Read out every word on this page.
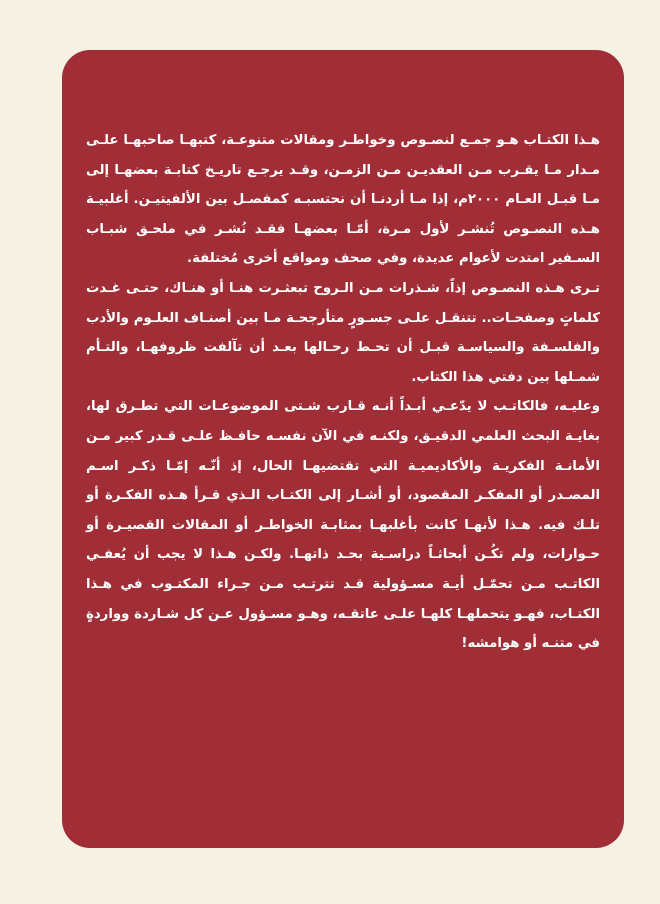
هـذا الكتـاب هـو جمـع لنصـوص وخواطـر ومقالات متنوعـة، كتبهـا صاحبهـا علـى مـدار مـا يقـرب مـن العقديـن مـن الزمـن، وقـد يرجـع تاريـخ كتابـة بعضهـا إلى مـا قبـل العـام ٢٠٠٠م، إذا مـا أردنـا أن نحتسبـه كمفصـل بين الألفيتيـن. أغلبيـة هـذه النصـوص تُنشـر لأول مـرة، أمّـا بعضهـا فقـد نُشـر في ملحـق شبـاب السـفير امتدت لأعوام عديدة، وفي صحف ومواقع أخرى مُختلفة.

تـرى هـذه النصـوص إذاً، شـذرات مـن الـروح تبعثـرت هنـا أو هنـاك، حتـى غـدت كلماتٍ وصفحـات.. تتنقـل علـى جسـورٍ متأرجحـة مـا بين أصنـاف العلـوم والأدب والفلسـفة والسياسـة قبـل أن تحـط رحـالها بعـد أن تآلفت ظروفهـا، والتـأم شمـلها بين دفتي هذا الكتاب.

وعليـه، فالكاتـب لا يدّعـي أبـداً أنـه قـارب شـتى الموضوعـات التي تطـرق لها، بغايـة البحث العلمي الدقيـق، ولكنـه في الآن نفسـه حافـظ علـى قـدر كبير مـن الأمانـة الفكريـة والأكاديميـة التي تقتضيهـا الحال، إذ أنّـه إمّـا ذكـر اسـم المصـدر أو المفكـر المقصود، أو أشـار إلى الكتـاب الـذي قـرأ هـذه الفكـرة أو تلـك فيه. هـذا لأنهـا كانت بأغلبهـا بمثابـة الخواطـر أو المقالات القصيـرة أو حـوارات، ولم تكُـن أبحاثـاً دراسـية بحـد ذاتهـا. ولكـن هـذا لا يجب أن يُعفـي الكاتـب مـن تحمّـل أيـة مسـؤولية قـد تترتـب مـن جـراء المكتـوب في هـذا الكتـاب، فهـو يتحملهـا كلهـا علـى عاتقـه، وهـو مسـؤول عـن كل شـاردة وواردةٍ في متنـه أو هوامشه!
